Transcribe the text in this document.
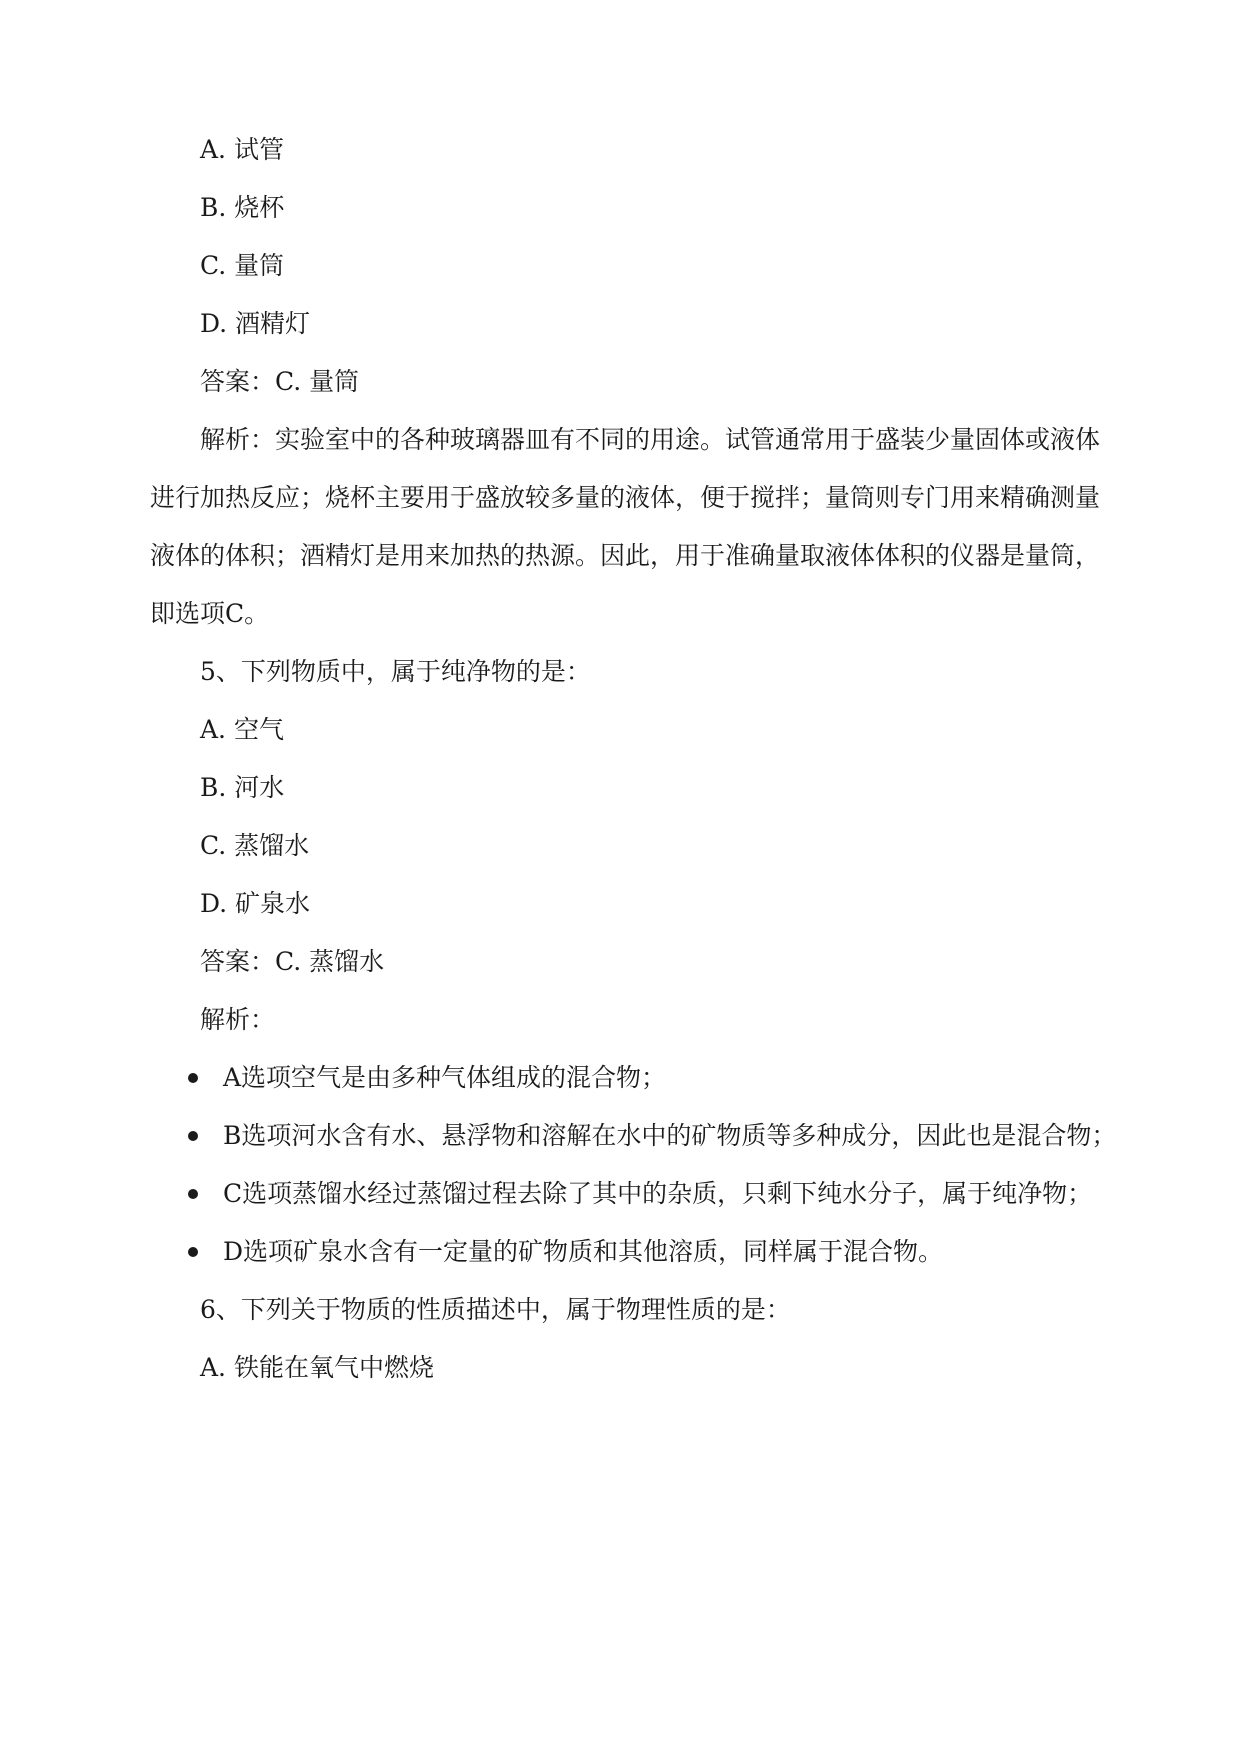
A. 试管
B. 烧杯
C. 量筒
D. 酒精灯
答案：C. 量筒
解析：实验室中的各种玻璃器皿有不同的用途。试管通常用于盛装少量固体或液体
进行加热反应；烧杯主要用于盛放较多量的液体，便于搅拌；量筒则专门用来精确测量
液体的体积；酒精灯是用来加热的热源。因此，用于准确量取液体体积的仪器是量筒，
即选项C。
5、下列物质中，属于纯净物的是：
A. 空气
B. 河水
C. 蒸馏水
D. 矿泉水
答案：C. 蒸馏水
解析：
A选项空气是由多种气体组成的混合物；
B选项河水含有水、悬浮物和溶解在水中的矿物质等多种成分，因此也是混合物；
C选项蒸馏水经过蒸馏过程去除了其中的杂质，只剩下纯水分子，属于纯净物；
D选项矿泉水含有一定量的矿物质和其他溶质，同样属于混合物。
6、下列关于物质的性质描述中，属于物理性质的是：
A. 铁能在氧气中燃烧
